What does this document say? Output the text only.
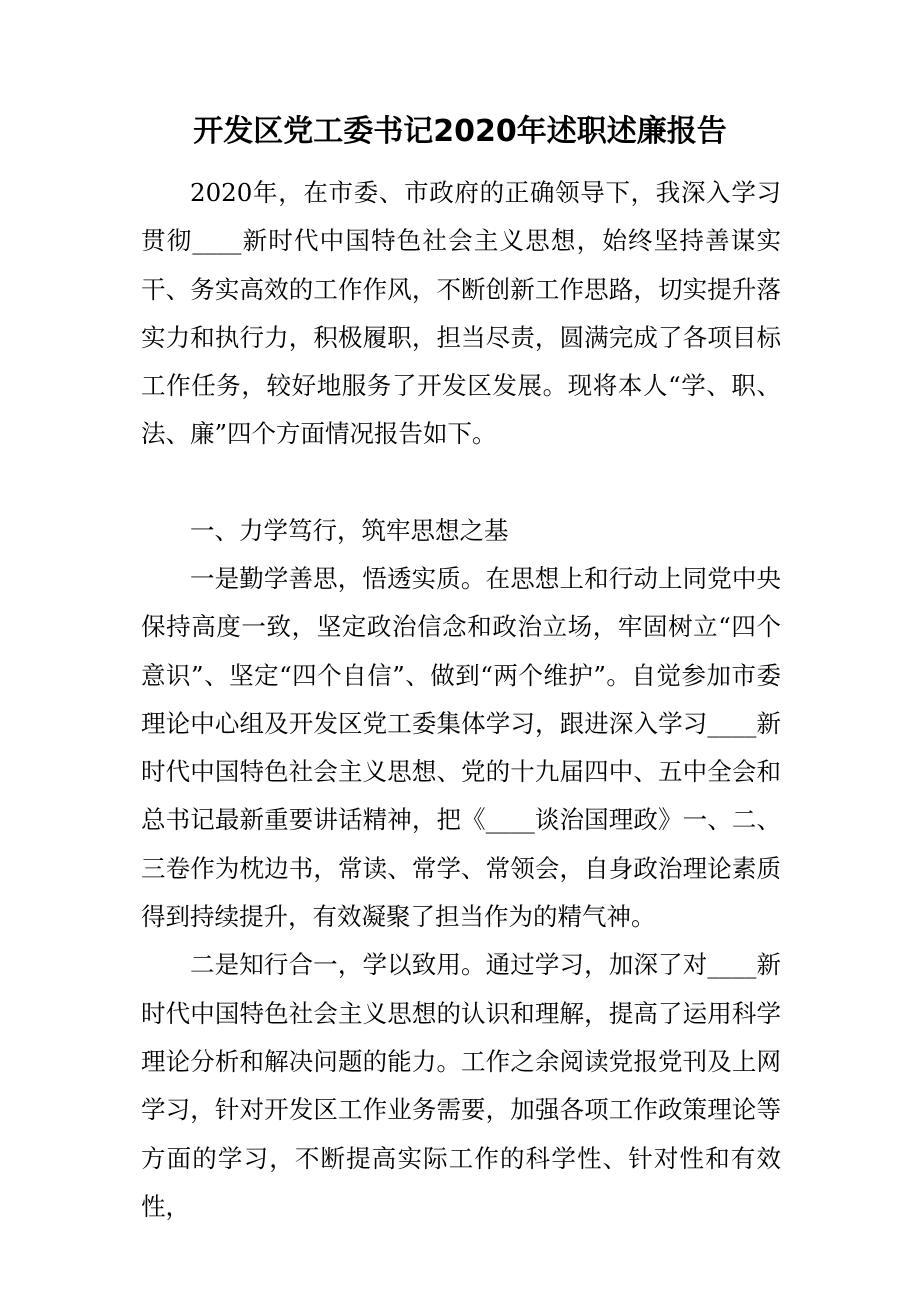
开发区党工委书记2020年述职述廉报告

2020年，在市委、市政府的正确领导下，我深入学习贯彻____新时代中国特色社会主义思想，始终坚持善谋实干、务实高效的工作作风，不断创新工作思路，切实提升落实力和执行力，积极履职，担当尽责，圆满完成了各项目标工作任务，较好地服务了开发区发展。现将本人“学、职、法、廉”四个方面情况报告如下。

一、力学笃行，筑牢思想之基

一是勤学善思，悟透实质。在思想上和行动上同党中央保持高度一致，坚定政治信念和政治立场，牢固树立“四个意识”、坚定“四个自信”、做到“两个维护”。自觉参加市委理论中心组及开发区党工委集体学习，跟进深入学习____新时代中国特色社会主义思想、党的十九届四中、五中全会和总书记最新重要讲话精神，把《____谈治国理政》一、二、三卷作为枕边书，常读、常学、常领会，自身政治理论素质得到持续提升，有效凝聚了担当作为的精气神。

二是知行合一，学以致用。通过学习，加深了对____新时代中国特色社会主义思想的认识和理解，提高了运用科学理论分析和解决问题的能力。工作之余阅读党报党刊及上网学习，针对开发区工作业务需要，加强各项工作政策理论等方面的学习，不断提高实际工作的科学性、针对性和有效性，
